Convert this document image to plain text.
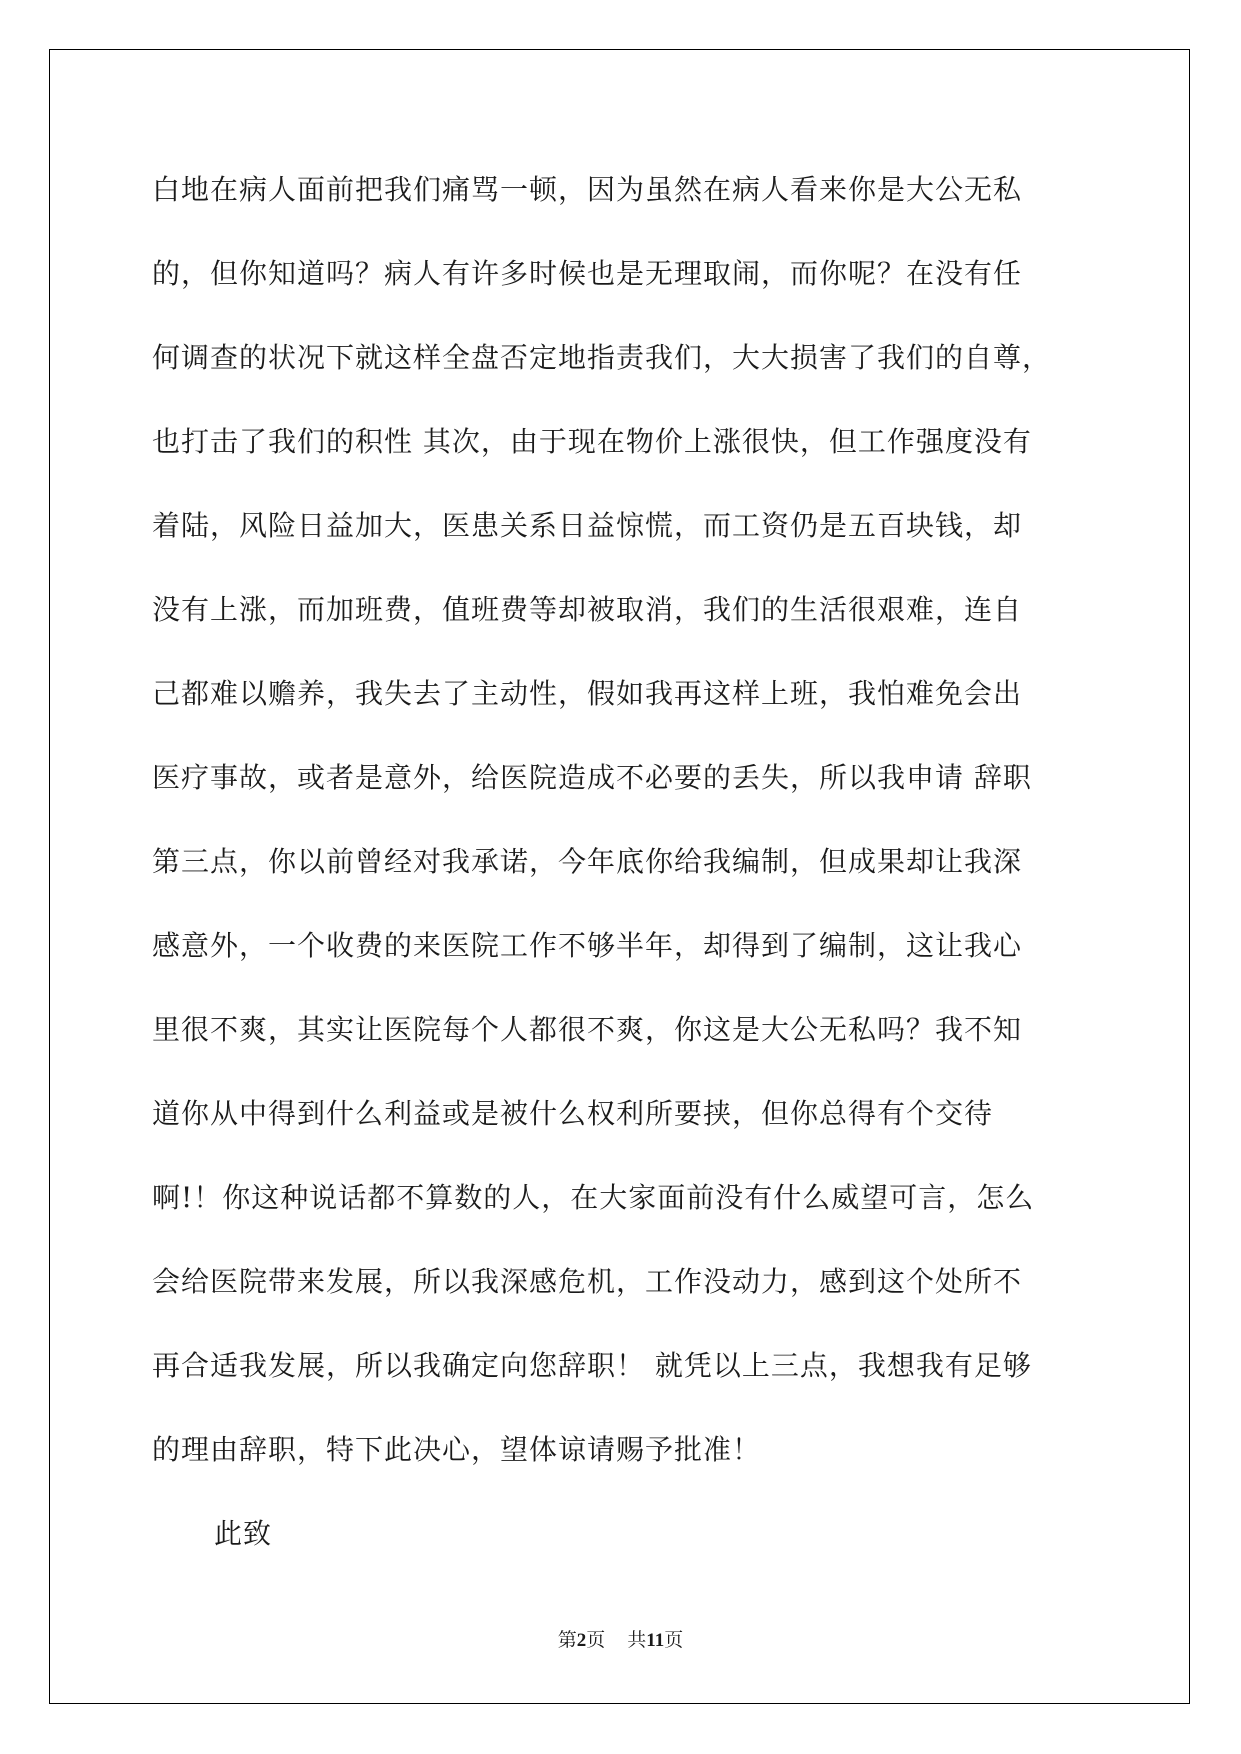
白地在病人面前把我们痛骂一顿，因为虽然在病人看来你是大公无私
的，但你知道吗？病人有许多时候也是无理取闹，而你呢？在没有任
何调查的状况下就这样全盘否定地指责我们，大大损害了我们的自尊，
也打击了我们的积性 其次，由于现在物价上涨很快，但工作强度没有
着陆，风险日益加大，医患关系日益惊慌，而工资仍是五百块钱，却
没有上涨，而加班费，值班费等却被取消，我们的生活很艰难，连自
己都难以赡养，我失去了主动性，假如我再这样上班，我怕难免会出
医疗事故，或者是意外，给医院造成不必要的丢失，所以我申请 辞职
第三点，你以前曾经对我承诺，今年底你给我编制，但成果却让我深
感意外，一个收费的来医院工作不够半年，却得到了编制，这让我心
里很不爽，其实让医院每个人都很不爽，你这是大公无私吗？我不知
道你从中得到什么利益或是被什么权利所要挟，但你总得有个交待
啊!！你这种说话都不算数的人，在大家面前没有什么威望可言，怎么
会给医院带来发展，所以我深感危机，工作没动力，感到这个处所不
再合适我发展，所以我确定向您辞职！ 就凭以上三点，我想我有足够
的理由辞职，特下此决心，望体谅请赐予批准！
此致
第2页 共11页
